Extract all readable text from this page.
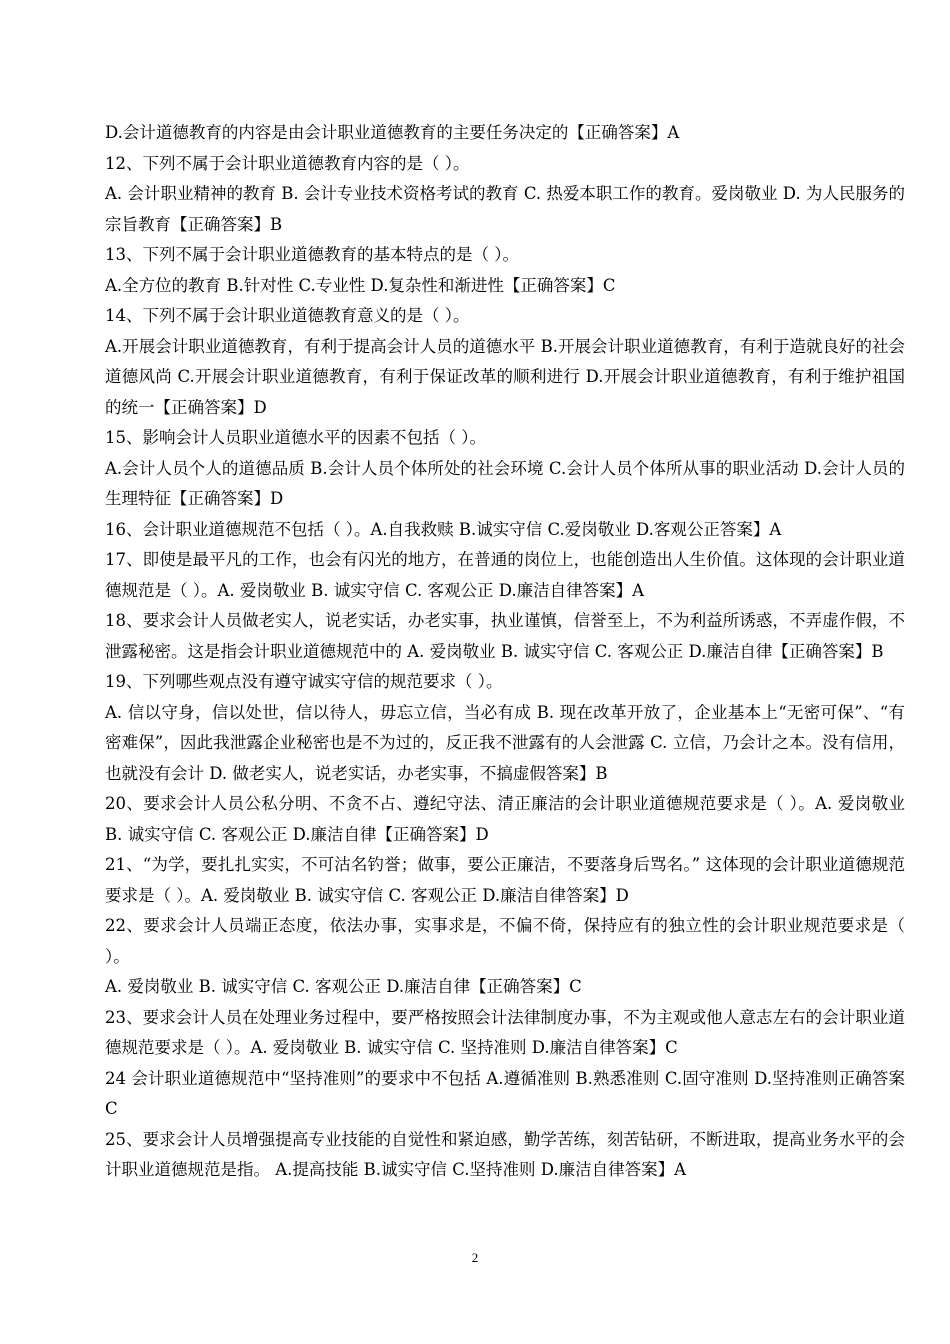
D.会计道德教育的内容是由会计职业道德教育的主要任务决定的【正确答案】A

12、下列不属于会计职业道德教育内容的是（ ）。

A. 会计职业精神的教育 B. 会计专业技术资格考试的教育 C. 热爱本职工作的教育。爱岗敬业 D. 为人民服务的宗旨教育【正确答案】B

13、下列不属于会计职业道德教育的基本特点的是（ ）。

A.全方位的教育 B.针对性 C.专业性 D.复杂性和渐进性【正确答案】C

14、下列不属于会计职业道德教育意义的是（ ）。

A.开展会计职业道德教育，有利于提高会计人员的道德水平 B.开展会计职业道德教育，有利于造就良好的社会道德风尚 C.开展会计职业道德教育，有利于保证改革的顺利进行 D.开展会计职业道德教育，有利于维护祖国的统一【正确答案】D

15、影响会计人员职业道德水平的因素不包括（ ）。

A.会计人员个人的道德品质 B.会计人员个体所处的社会环境 C.会计人员个体所从事的职业活动 D.会计人员的生理特征【正确答案】D

16、会计职业道德规范不包括（ ）。A.自我救赎 B.诚实守信 C.爱岗敬业 D.客观公正答案】A

17、即使是最平凡的工作，也会有闪光的地方，在普通的岗位上，也能创造出人生价值。这体现的会计职业道德规范是（ ）。A. 爱岗敬业 B. 诚实守信 C. 客观公正 D.廉洁自律答案】A

18、要求会计人员做老实人，说老实话，办老实事，执业谨慎，信誉至上，不为利益所诱惑，不弄虚作假，不泄露秘密。这是指会计职业道德规范中的 A. 爱岗敬业 B. 诚实守信 C. 客观公正 D.廉洁自律【正确答案】B

19、下列哪些观点没有遵守诚实守信的规范要求（ ）。

A. 信以守身，信以处世，信以待人，毋忘立信，当必有成 B. 现在改革开放了，企业基本上“无密可保”、“有密难保”，因此我泄露企业秘密也是不为过的，反正我不泄露有的人会泄露 C. 立信，乃会计之本。没有信用，也就没有会计 D. 做老实人，说老实话，办老实事，不搞虚假答案】B

20、要求会计人员公私分明、不贪不占、遵纪守法、清正廉洁的会计职业道德规范要求是（ ）。A. 爱岗敬业 B. 诚实守信 C. 客观公正 D.廉洁自律【正确答案】D

21、“为学，要扎扎实实，不可沽名钓誉；做事，要公正廉洁，不要落身后骂名。” 这体现的会计职业道德规范要求是（ ）。A. 爱岗敬业 B. 诚实守信 C. 客观公正 D.廉洁自律答案】D

22、要求会计人员端正态度，依法办事，实事求是，不偏不倚，保持应有的独立性的会计职业规范要求是（ ）。

A. 爱岗敬业 B. 诚实守信 C. 客观公正 D.廉洁自律【正确答案】C

23、要求会计人员在处理业务过程中，要严格按照会计法律制度办事，不为主观或他人意志左右的会计职业道德规范要求是（ ）。A. 爱岗敬业 B. 诚实守信 C. 坚持准则 D.廉洁自律答案】C

24 会计职业道德规范中“坚持准则”的要求中不包括 A.遵循准则 B.熟悉准则 C.固守准则 D.坚持准则正确答案 C

25、要求会计人员增强提高专业技能的自觉性和紧迫感，勤学苦练，刻苦钻研，不断进取，提高业务水平的会计职业道德规范是指。 A.提高技能 B.诚实守信 C.坚持准则 D.廉洁自律答案】A

2
